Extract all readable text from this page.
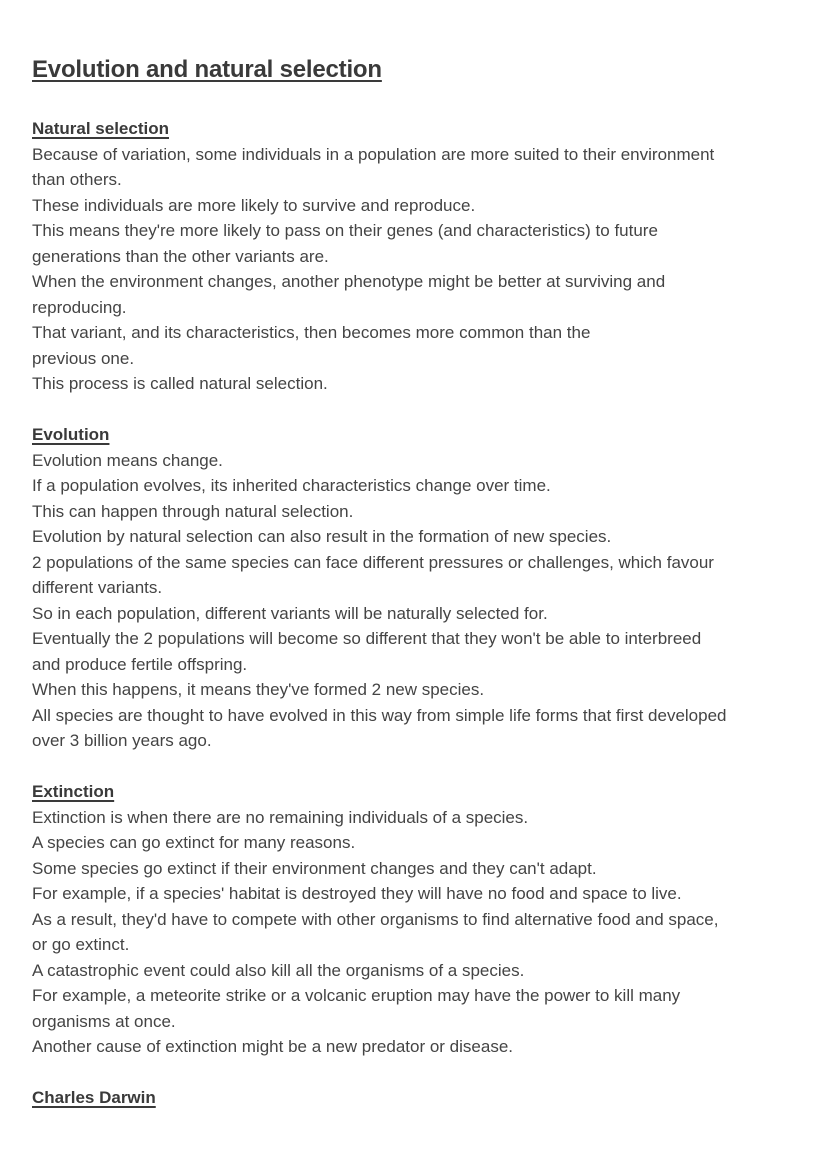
Evolution and natural selection
Natural selection

Because of variation, some individuals in a population are more suited to their environment

than others.

These individuals are more likely to survive and reproduce.

This means they're more likely to pass on their genes (and characteristics) to future

generations than the other variants are.

When the environment changes, another phenotype might be better at surviving and

reproducing.

That variant, and its characteristics, then becomes more common than the

previous one.

This process is called natural selection.

Evolution

Evolution means change.

If a population evolves, its inherited characteristics change over time.

This can happen through natural selection.

Evolution by natural selection can also result in the formation of new species.

2 populations of the same species can face different pressures or challenges, which favour

different variants.

So in each population, different variants will be naturally selected for.

Eventually the 2 populations will become so different that they won't be able to interbreed

and produce fertile offspring.

When this happens, it means they've formed 2 new species.

All species are thought to have evolved in this way from simple life forms that first developed

over 3 billion years ago.

Extinction

Extinction is when there are no remaining individuals of a species.

A species can go extinct for many reasons.

Some species go extinct if their environment changes and they can't adapt.

For example, if a species' habitat is destroyed they will have no food and space to live.

As a result, they'd have to compete with other organisms to find alternative food and space,

or go extinct.

A catastrophic event could also kill all the organisms of a species.

For example, a meteorite strike or a volcanic eruption may have the power to kill many

organisms at once.

Another cause of extinction might be a new predator or disease.

Charles Darwin
